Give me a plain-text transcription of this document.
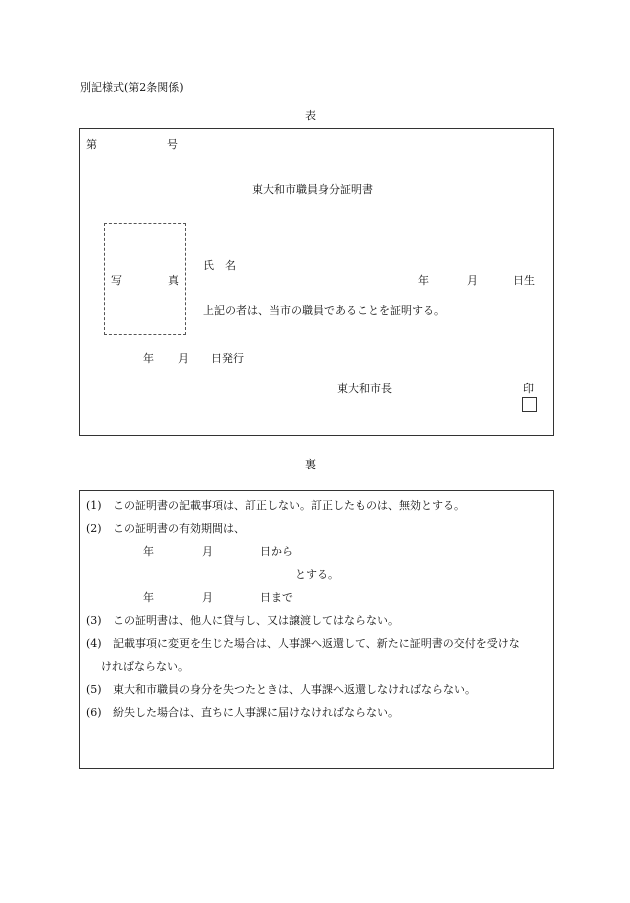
別記様式(第2条関係)
表
第	号
東大和市職員身分証明書
写	真
氏　名
年	月	日生
上記の者は、当市の職員であることを証明する。
年 月 日発行
東大和市長	印
裏
(1) この証明書の記載事項は、訂正しない。訂正したものは、無効とする。
(2) この証明書の有効期間は、
年	月	日から
とする。
年	月	日まで
(3) この証明書は、他人に貸与し、又は譲渡してはならない。
(4) 記載事項に変更を生じた場合は、人事課へ返還して、新たに証明書の交付を受けな
ければならない。
(5) 東大和市職員の身分を失つたときは、人事課へ返還しなければならない。
(6) 紛失した場合は、直ちに人事課に届けなければならない。
